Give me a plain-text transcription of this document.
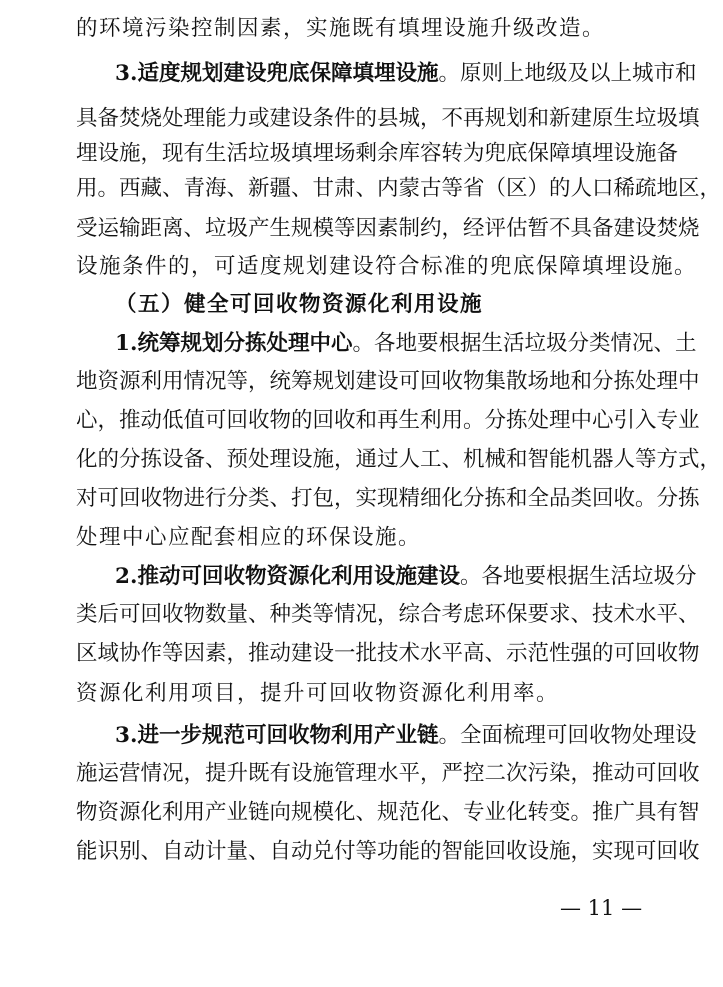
的环境污染控制因素，实施既有填埋设施升级改造。
3.适度规划建设兜底保障填埋设施。原则上地级及以上城市和
具备焚烧处理能力或建设条件的县城，不再规划和新建原生垃圾填
埋设施，现有生活垃圾填埋场剩余库容转为兜底保障填埋设施备
用。西藏、青海、新疆、甘肃、内蒙古等省（区）的人口稀疏地区，
受运输距离、垃圾产生规模等因素制约，经评估暂不具备建设焚烧
设施条件的，可适度规划建设符合标准的兜底保障填埋设施。
（五）健全可回收物资源化利用设施
1.统筹规划分拣处理中心。各地要根据生活垃圾分类情况、土
地资源利用情况等，统筹规划建设可回收物集散场地和分拣处理中
心，推动低值可回收物的回收和再生利用。分拣处理中心引入专业
化的分拣设备、预处理设施，通过人工、机械和智能机器人等方式，
对可回收物进行分类、打包，实现精细化分拣和全品类回收。分拣
处理中心应配套相应的环保设施。
2.推动可回收物资源化利用设施建设。各地要根据生活垃圾分
类后可回收物数量、种类等情况，综合考虑环保要求、技术水平、
区域协作等因素，推动建设一批技术水平高、示范性强的可回收物
资源化利用项目，提升可回收物资源化利用率。
3.进一步规范可回收物利用产业链。全面梳理可回收物处理设
施运营情况，提升既有设施管理水平，严控二次污染，推动可回收
物资源化利用产业链向规模化、规范化、专业化转变。推广具有智
能识别、自动计量、自动兑付等功能的智能回收设施，实现可回收
— 11 —
